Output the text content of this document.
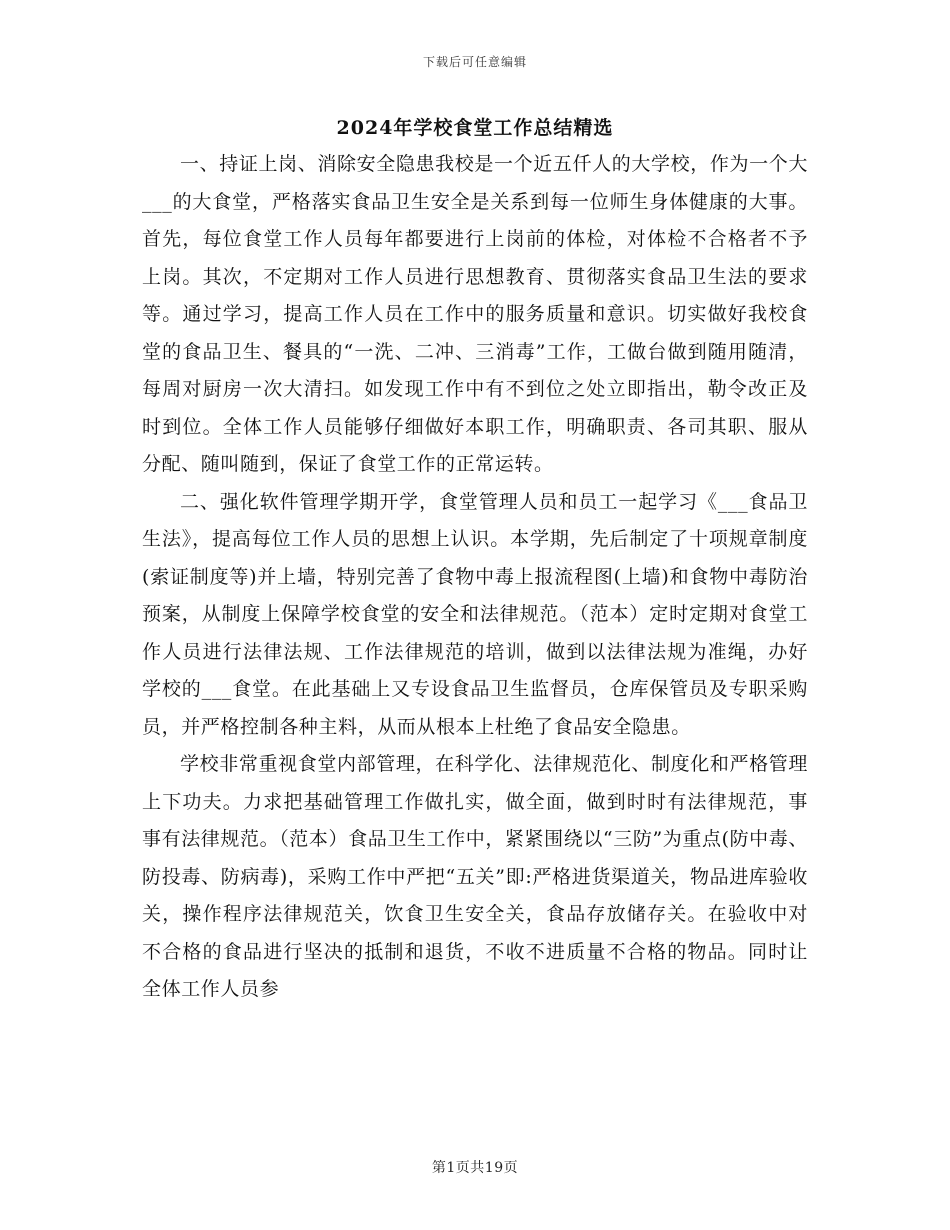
下载后可任意编辑
2024年学校食堂工作总结精选

一、持证上岗、消除安全隐患我校是一个近五仟人的大学校，作为一个大___的大食堂，严格落实食品卫生安全是关系到每一位师生身体健康的大事。首先，每位食堂工作人员每年都要进行上岗前的体检，对体检不合格者不予上岗。其次，不定期对工作人员进行思想教育、贯彻落实食品卫生法的要求等。通过学习，提高工作人员在工作中的服务质量和意识。切实做好我校食堂的食品卫生、餐具的“一洗、二冲、三消毒”工作，工做台做到随用随清，每周对厨房一次大清扫。如发现工作中有不到位之处立即指出，勒令改正及时到位。全体工作人员能够仔细做好本职工作，明确职责、各司其职、服从分配、随叫随到，保证了食堂工作的正常运转。

二、强化软件管理学期开学，食堂管理人员和员工一起学习《___食品卫生法》，提高每位工作人员的思想上认识。本学期，先后制定了十项规章制度(索证制度等)并上墙，特别完善了食物中毒上报流程图(上墙)和食物中毒防治预案，从制度上保障学校食堂的安全和法律规范。（范本）定时定期对食堂工作人员进行法律法规、工作法律规范的培训，做到以法律法规为准绳，办好学校的___食堂。在此基础上又专设食品卫生监督员，仓库保管员及专职采购员，并严格控制各种主料，从而从根本上杜绝了食品安全隐患。

学校非常重视食堂内部管理，在科学化、法律规范化、制度化和严格管理上下功夫。力求把基础管理工作做扎实，做全面，做到时时有法律规范，事事有法律规范。（范本）食品卫生工作中，紧紧围绕以“三防”为重点(防中毒、防投毒、防病毒)，采购工作中严把“五关”即:严格进货渠道关，物品进库验收关，操作程序法律规范关，饮食卫生安全关，食品存放储存关。在验收中对不合格的食品进行坚决的抵制和退货，不收不进质量不合格的物品。同时让全体工作人员参

第1页共19页
